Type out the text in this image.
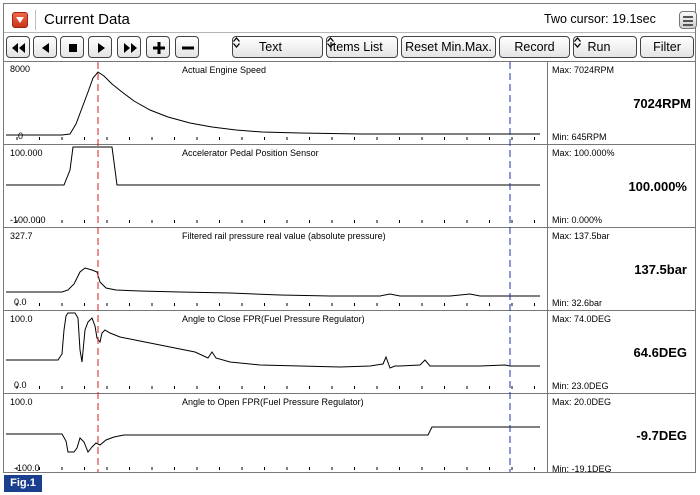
Current Data	Two cursor: 19.1sec
Text	Items List	Reset Min.Max.	Record	Run	Filter
8000
0
Actual Engine Speed	Max: 7024RPM
Min: 645RPM
7024RPM
100.000
-100.000
Accelerator Pedal Position Sensor	Max: 100.000%
Min: 0.000%
100.000%
327.7
0.0
Filtered rail pressure real value (absolute pressure)	Max: 137.5bar
Min: 32.6bar
137.5bar
100.0
0.0
Angle to Close FPR(Fuel Pressure Regulator)	Max: 74.0DEG
Min: 23.0DEG
64.6DEG
100.0
-100.0
Angle to Open FPR(Fuel Pressure Regulator)	Max: 20.0DEG
Min: -19.1DEG
-9.7DEG
Fig.1
